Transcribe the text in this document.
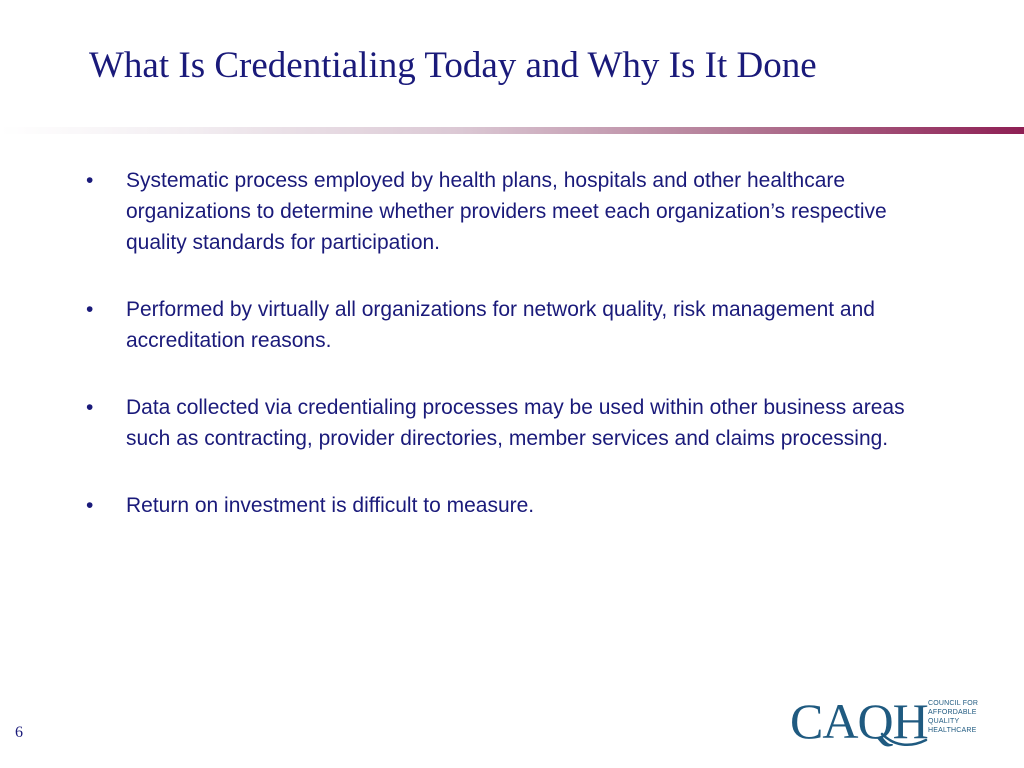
What Is Credentialing Today and Why Is It Done
•	Systematic process employed by health plans, hospitals and other healthcare organizations to determine whether providers meet each organization’s respective quality standards for participation.
•	Performed by virtually all organizations for network quality, risk management and accreditation reasons.
•	Data collected via credentialing processes may be used within other business areas such as contracting, provider directories, member services and claims processing.
•	Return on investment is difficult to measure.
6	CAQH COUNCIL FOR
AFFORDABLE
QUALITY
HEALTHCARE
